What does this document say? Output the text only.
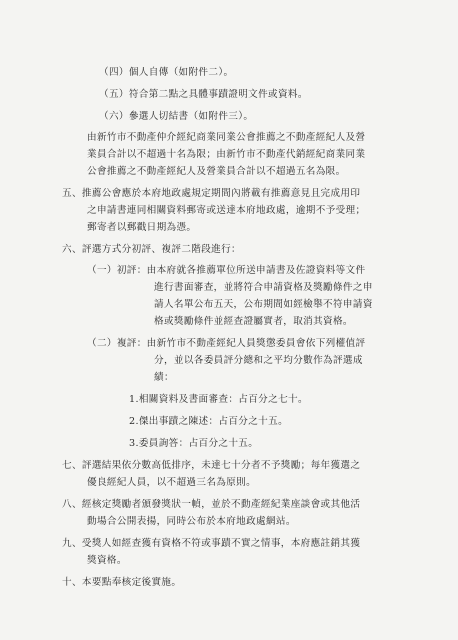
（四）個人自傳（如附件二）。
（五）符合第二點之具體事蹟證明文件或資料。
（六）參選人切結書（如附件三）。
由新竹市不動產仲介經紀商業同業公會推薦之不動產經紀人及營
業員合計以不超過十名為限；由新竹市不動產代銷經紀商業同業
公會推薦之不動產經紀人及營業員合計以不超過五名為限。
五、推薦公會應於本府地政處規定期間內將載有推薦意見且完成用印
之申請書連同相關資料郵寄或送達本府地政處，逾期不予受理；
郵寄者以郵戳日期為憑。
六、評選方式分初評、複評二階段進行：
（一）初評：由本府就各推薦單位所送申請書及佐證資料等文件
進行書面審查，並將符合申請資格及獎勵條件之申
請人名單公布五天，公布期間如經檢舉不符申請資
格或獎勵條件並經查證屬實者，取消其資格。
（二）複評：由新竹市不動產經紀人員獎懲委員會依下列權值評
分，並以各委員評分總和之平均分數作為評選成
績：
1.相關資料及書面審查：占百分之七十。
2.傑出事蹟之陳述：占百分之十五。
3.委員詢答：占百分之十五。
七、評選結果依分數高低排序，未達七十分者不予獎勵；每年獲選之
優良經紀人員，以不超過三名為原則。
八、經核定獎勵者頒發獎狀一幀，並於不動產經紀業座談會或其他活
動場合公開表揚，同時公布於本府地政處網站。
九、受獎人如經查獲有資格不符或事蹟不實之情事，本府應註銷其獲
獎資格。
十、本要點奉核定後實施。
